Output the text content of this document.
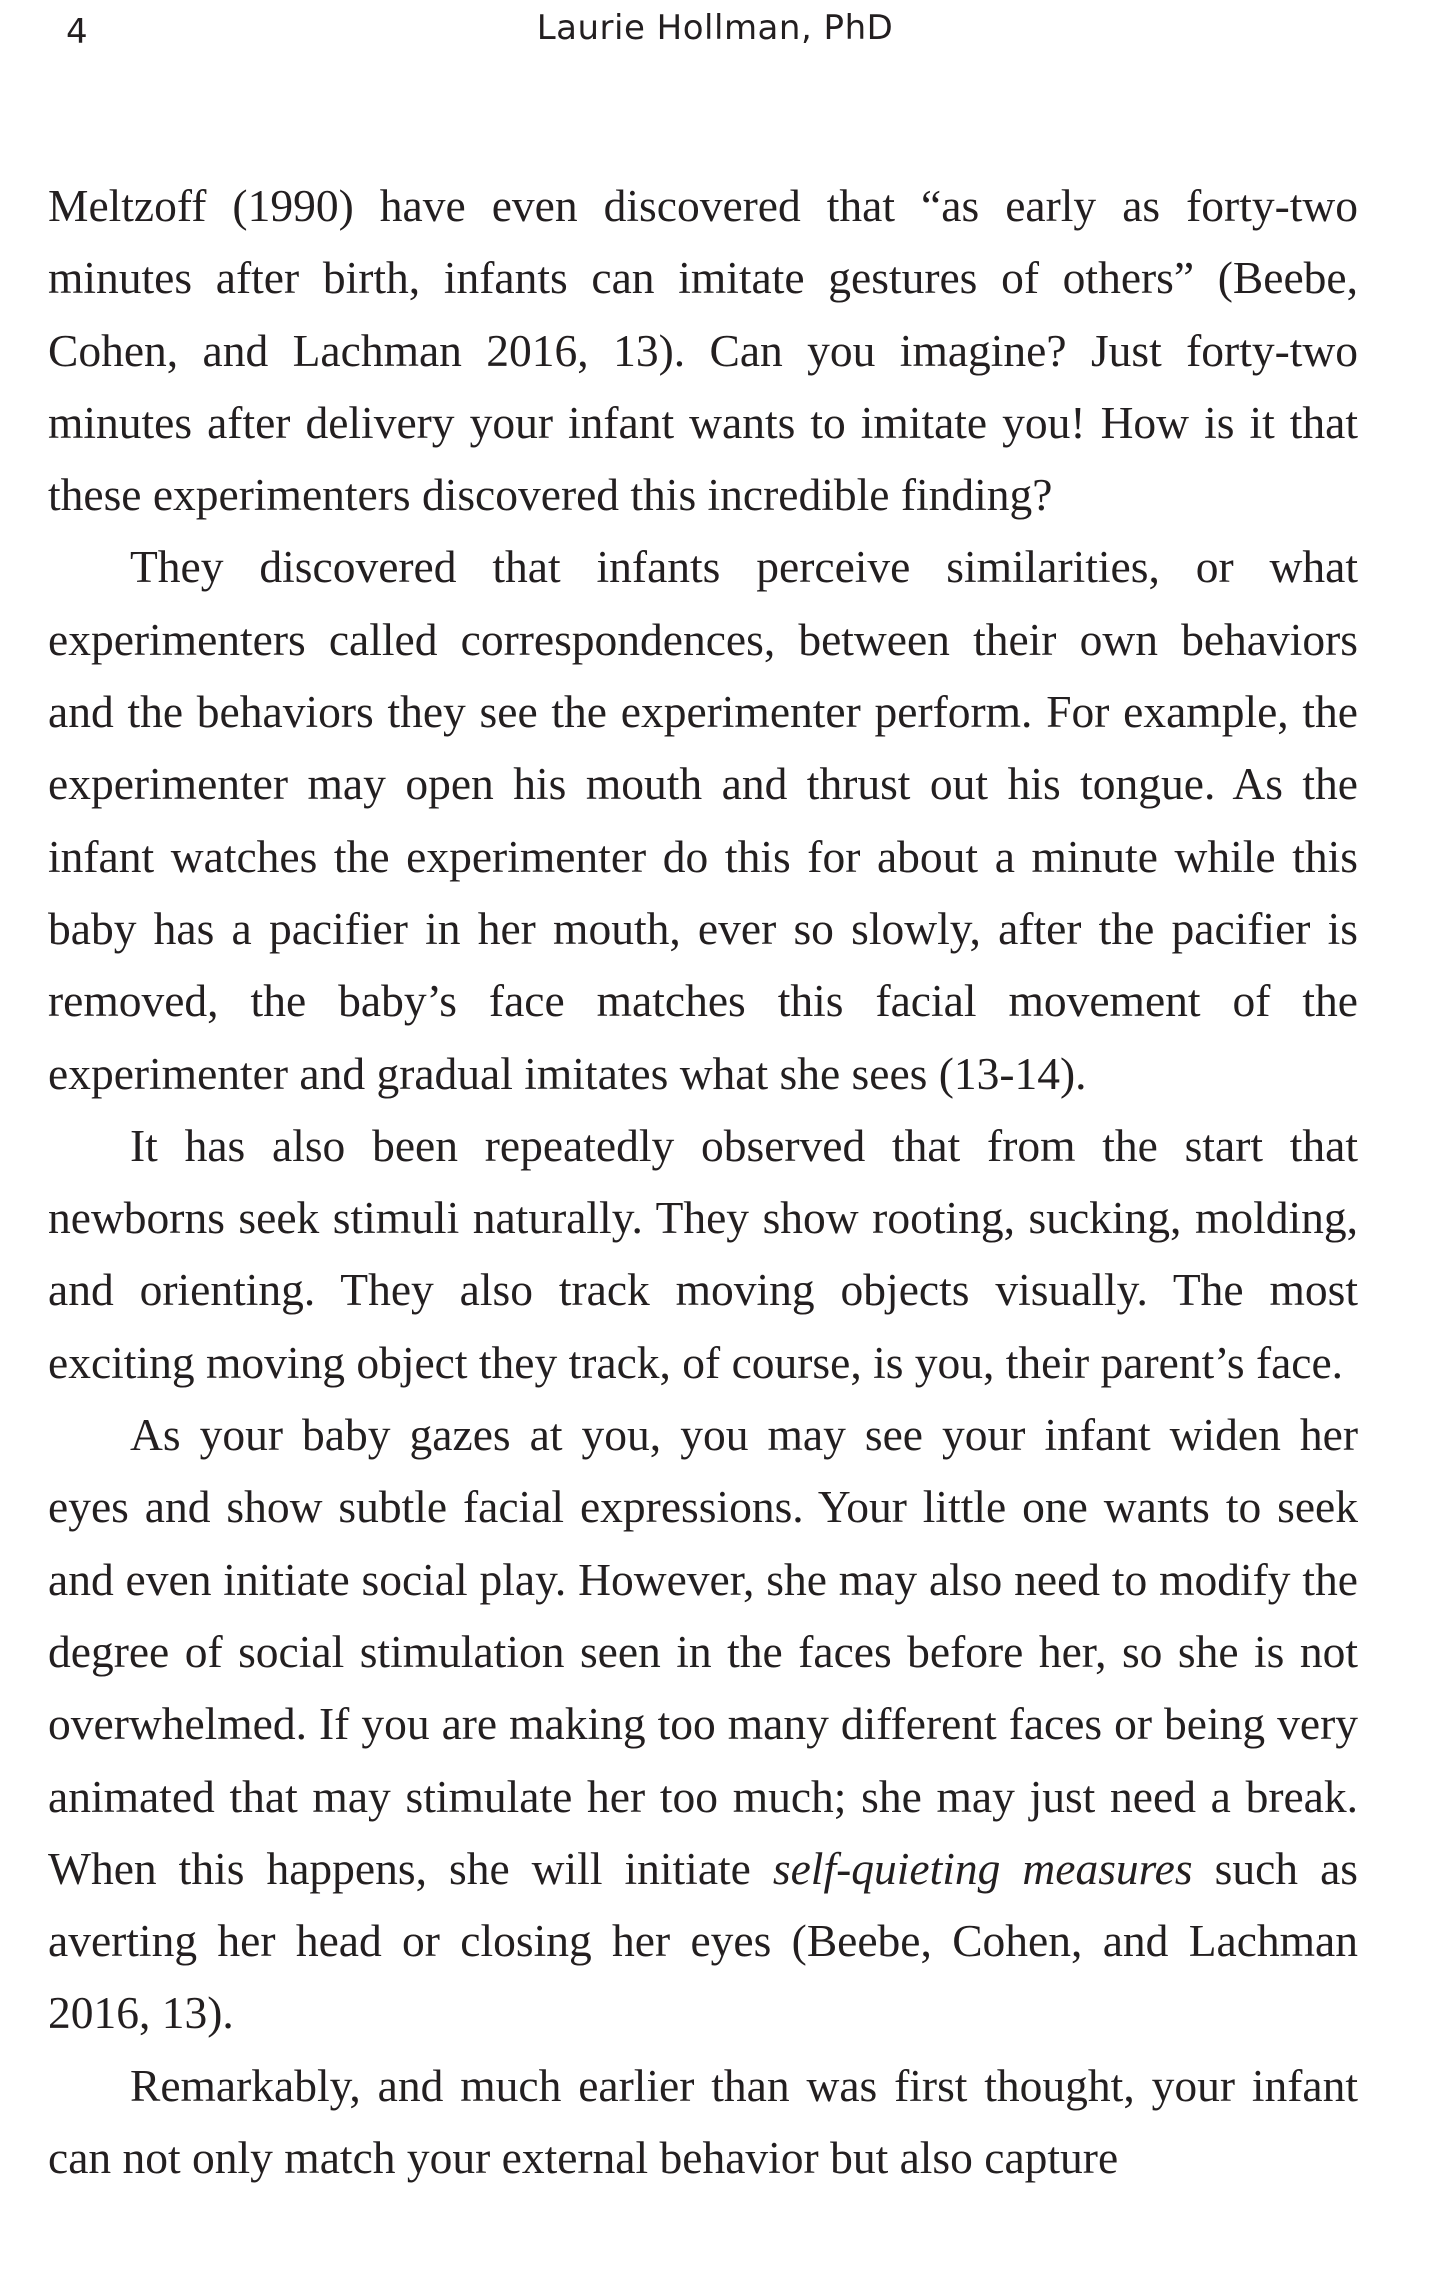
4	Laurie Hollman, PhD

Meltzoff (1990) have even discovered that “as early as forty-two minutes after birth, infants can imitate gestures of others” (Beebe, Cohen, and Lachman 2016, 13). Can you imagine? Just forty-two minutes after delivery your infant wants to imitate you! How is it that these experimenters discovered this incredible finding?

They discovered that infants perceive similarities, or what experimenters called correspondences, between their own behaviors and the behaviors they see the experimenter perform. For example, the experimenter may open his mouth and thrust out his tongue. As the infant watches the experimenter do this for about a minute while this baby has a pacifier in her mouth, ever so slowly, after the pacifier is removed, the baby’s face matches this facial movement of the experimenter and gradual imitates what she sees (13-14).

It has also been repeatedly observed that from the start that newborns seek stimuli naturally. They show rooting, sucking, molding, and orienting. They also track moving objects visually. The most exciting moving object they track, of course, is you, their parent’s face.

As your baby gazes at you, you may see your infant widen her eyes and show subtle facial expressions. Your little one wants to seek and even initiate social play. However, she may also need to modify the degree of social stimulation seen in the faces before her, so she is not overwhelmed. If you are making too many different faces or being very animated that may stimulate her too much; she may just need a break. When this happens, she will initiate self-quieting measures such as averting her head or closing her eyes (Beebe, Cohen, and Lachman 2016, 13).

Remarkably, and much earlier than was first thought, your infant can not only match your external behavior but also capture
